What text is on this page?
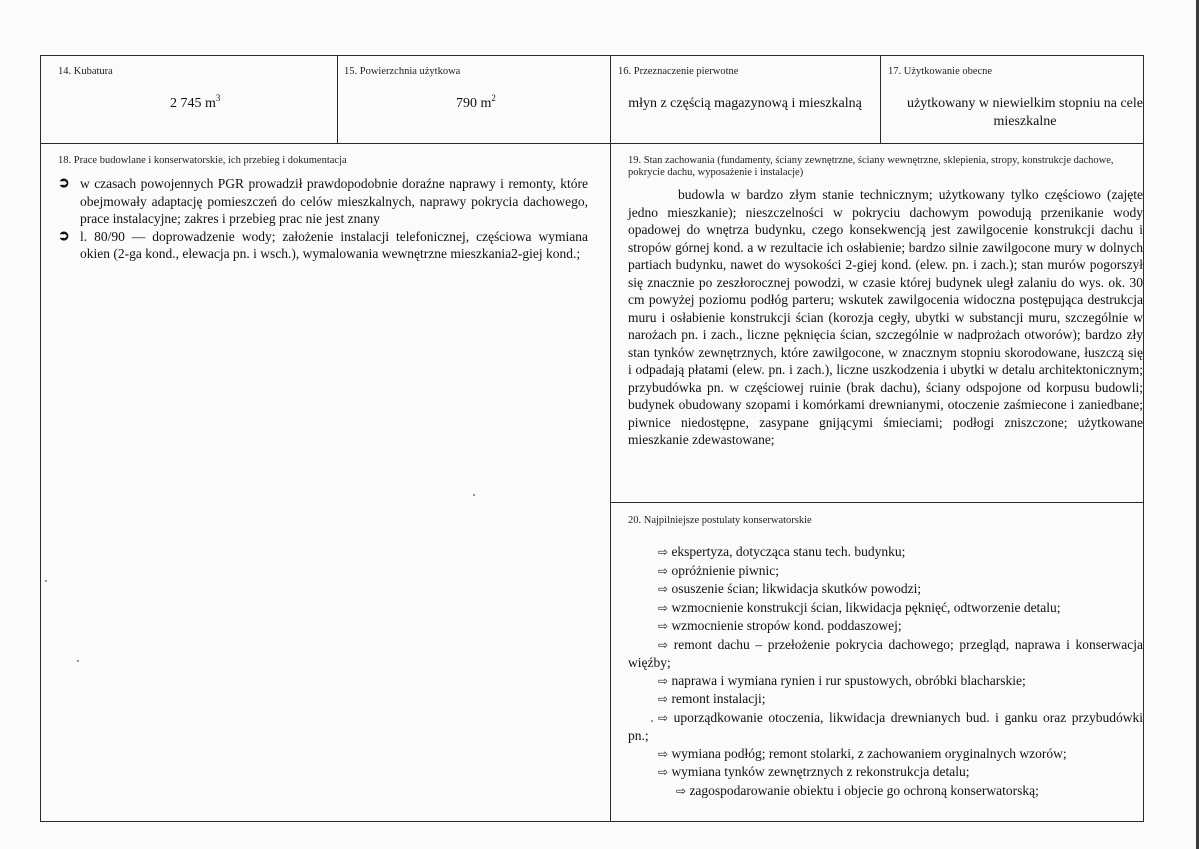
14. Kubatura
2 745 $m^3$
15. Powierzchnia użytkowa
790 $m^2$
16. Przeznaczenie pierwotne
młyn z częścią magazynową i mieszkalną
17. Użytkowanie obecne
użytkowany w niewielkim stopniu na cele mieszkalne
18. Prace budowlane i konserwatorskie, ich przebieg i dokumentacja
➲ w czasach powojennych PGR prowadził prawdopodobnie doraźne naprawy i remonty, które obejmowały adaptację pomieszczeń do celów mieszkalnych, naprawy pokrycia dachowego, prace instalacyjne; zakres i przebieg prac nie jest znany
➲ l. 80/90 — doprowadzenie wody; założenie instalacji telefonicznej, częściowa wymiana okien (2-ga kond., elewacja pn. i wsch.), wymalowania wewnętrzne mieszkania2-giej kond.;
19. Stan zachowania (fundamenty, ściany zewnętrzne, ściany wewnętrzne, sklepienia, stropy, konstrukcje dachowe, pokrycie dachu, wyposażenie i instalacje)

budowla w bardzo złym stanie technicznym; użytkowany tylko częściowo (zajęte jedno mieszkanie); nieszczelności w pokryciu dachowym powodują przenikanie wody opadowej do wnętrza budynku, czego konsekwencją jest zawilgocenie konstrukcji dachu i stropów górnej kond. a w rezultacie ich osłabienie; bardzo silnie zawilgocone mury w dolnych partiach budynku, nawet do wysokości 2-giej kond. (elew. pn. i zach.); stan murów pogorszył się znacznie po zeszłorocznej powodzi, w czasie której budynek uległ zalaniu do wys. ok. 30 cm powyżej poziomu podłóg parteru; wskutek zawilgocenia widoczna postępująca destrukcja muru i osłabienie konstrukcji ścian (korozja cegły, ubytki w substancji muru, szczególnie w narożach pn. i zach., liczne pęknięcia ścian, szczególnie w nadprożach otworów); bardzo zły stan tynków zewnętrznych, które zawilgocone, w znacznym stopniu skorodowane, łuszczą się i odpadają płatami (elew. pn. i zach.), liczne uszkodzenia i ubytki w detalu architektonicznym; przybudówka pn. w częściowej ruinie (brak dachu), ściany odspojone od korpusu budowli; budynek obudowany szopami i komórkami drewnianymi, otoczenie zaśmiecone i zaniedbane; piwnice niedostępne, zasypane gnijącymi śmieciami; podłogi zniszczone; użytkowane mieszkanie zdewastowane;

20. Najpilniejsze postulaty konserwatorskie
⇨ ekspertyza, dotycząca stanu tech. budynku;
⇨ opróżnienie piwnic;
⇨ osuszenie ścian; likwidacja skutków powodzi;
⇨ wzmocnienie konstrukcji ścian, likwidacja pęknięć, odtworzenie detalu;
⇨ wzmocnienie stropów kond. poddaszowej;
⇨ remont dachu – przełożenie pokrycia dachowego; przegląd, naprawa i konserwacja więźby;
⇨ naprawa i wymiana rynien i rur spustowych, obróbki blacharskie;
⇨ remont instalacji;
⇨ uporządkowanie otoczenia, likwidacja drewnianych bud. i ganku oraz przybudówki pn.;
⇨ wymiana podłóg; remont stolarki, z zachowaniem oryginalnych wzorów;
⇨ wymiana tynków zewnętrznych z rekonstrukcja detalu;
⇨ zagospodarowanie obiektu i objecie go ochroną konserwatorską;
